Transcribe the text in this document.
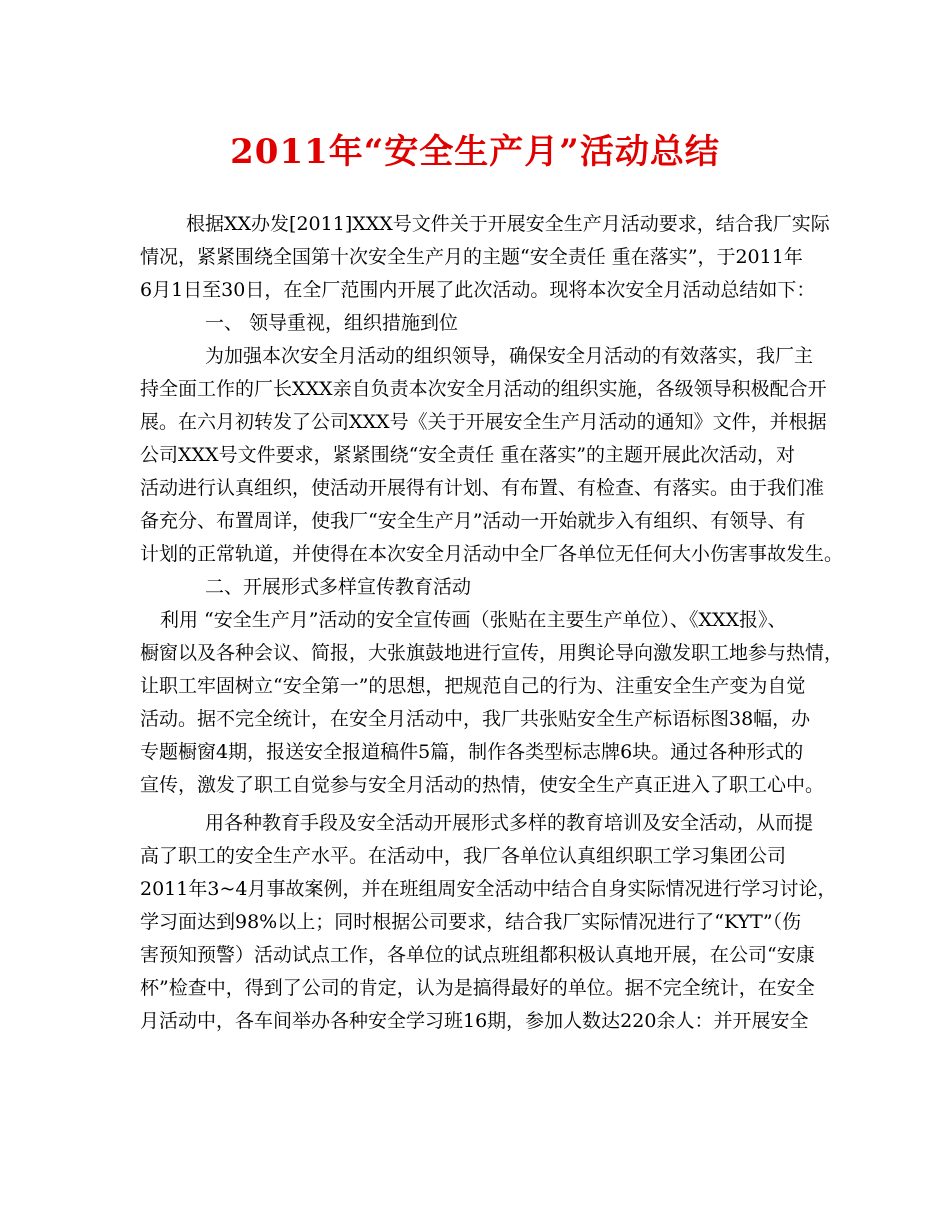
2011年“安全生产月”活动总结
根据XX办发[2011]XXX号文件关于开展安全生产月活动要求，结合我厂实际
情况，紧紧围绕全国第十次安全生产月的主题“安全责任 重在落实”，于2011年
6月1日至30日，在全厂范围内开展了此次活动。现将本次安全月活动总结如下：
一、 领导重视，组织措施到位
为加强本次安全月活动的组织领导，确保安全月活动的有效落实，我厂主
持全面工作的厂长XXX亲自负责本次安全月活动的组织实施，各级领导积极配合开
展。在六月初转发了公司XXX号《关于开展安全生产月活动的通知》文件，并根据
公司XXX号文件要求，紧紧围绕“安全责任 重在落实”的主题开展此次活动，对
活动进行认真组织，使活动开展得有计划、有布置、有检查、有落实。由于我们准
备充分、布置周详，使我厂“安全生产月”活动一开始就步入有组织、有领导、有
计划的正常轨道，并使得在本次安全月活动中全厂各单位无任何大小伤害事故发生。
二、开展形式多样宣传教育活动
利用 “安全生产月”活动的安全宣传画（张贴在主要生产单位）、《XXX报》、
橱窗以及各种会议、简报，大张旗鼓地进行宣传，用舆论导向激发职工地参与热情，
让职工牢固树立“安全第一”的思想，把规范自己的行为、注重安全生产变为自觉
活动。据不完全统计，在安全月活动中，我厂共张贴安全生产标语标图38幅，办
专题橱窗4期，报送安全报道稿件5篇，制作各类型标志牌6块。通过各种形式的
宣传，激发了职工自觉参与安全月活动的热情，使安全生产真正进入了职工心中。
用各种教育手段及安全活动开展形式多样的教育培训及安全活动，从而提
高了职工的安全生产水平。在活动中，我厂各单位认真组织职工学习集团公司
2011年3~4月事故案例，并在班组周安全活动中结合自身实际情况进行学习讨论，
学习面达到98%以上；同时根据公司要求，结合我厂实际情况进行了“KYT”（伤
害预知预警）活动试点工作，各单位的试点班组都积极认真地开展，在公司“安康
杯”检查中，得到了公司的肯定，认为是搞得最好的单位。据不完全统计，在安全
月活动中，各车间举办各种安全学习班16期，参加人数达220余人：并开展安全
